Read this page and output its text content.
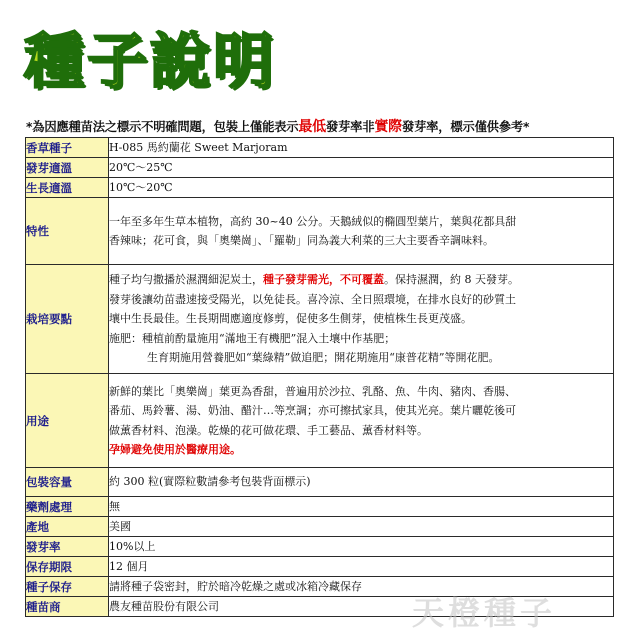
種子說明
*為因應種苗法之標示不明確問題，包裝上僅能表示最低發芽率非實際發芽率，標示僅供參考*
香草種子	H-085 馬約蘭花 Sweet Marjoram
發芽適溫	20℃～25℃
生長適溫	10℃～20℃
特性	一年至多年生草本植物，高約 30~40 公分。天鵝絨似的橢圓型葉片，葉與花都具甜
香辣味；花可食，與「奧樂崗」、「羅勒」同為義大利菜的三大主要香辛調味料。

栽培要點	種子均勻撒播於濕潤細泥炭土，種子發芽需光，不可覆蓋。保持濕潤，約 8 天發芽。
發芽後讓幼苗盡速接受陽光，以免徒長。喜冷涼、全日照環境，在排水良好的砂質土
壤中生長最佳。生長期間應適度修剪，促使多生側芽，使植株生長更茂盛。
施肥：種植前酌量施用“滿地王有機肥”混入土壤中作基肥；
生育期施用營養肥如“葉綠精”做追肥；開花期施用“康普花精”等開花肥。

用途	新鮮的葉比「奧樂崗」葉更為香甜，普遍用於沙拉、乳酪、魚、牛肉、豬肉、香腸、
番茄、馬鈴薯、湯、奶油、醋汁…等烹調；亦可擦拭家具，使其光亮。葉片曬乾後可
做薰香材料、泡澡。乾燥的花可做花環、手工藝品、薰香材料等。
孕婦避免使用於醫療用途。

包裝容量	約 300 粒(實際粒數請參考包裝背面標示)
藥劑處理	無
產地	美國
發芽率	10%以上
保存期限	12 個月
種子保存	請將種子袋密封，貯於暗冷乾燥之處或冰箱冷藏保存
種苗商	農友種苗股份有限公司	天橙種子
